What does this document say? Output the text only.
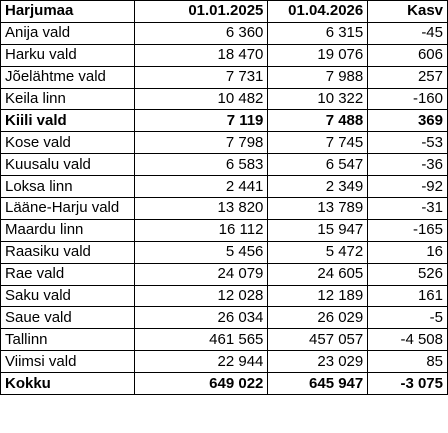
Harjumaa	01.01.2025	01.04.2026	Kasv
Anija vald	6 360	6 315	-45
Harku vald	18 470	19 076	606
Jõelähtme vald	7 731	7 988	257
Keila linn	10 482	10 322	-160
Kiili vald	7 119	7 488	369
Kose vald	7 798	7 745	-53
Kuusalu vald	6 583	6 547	-36
Loksa linn	2 441	2 349	-92
Lääne-Harju vald	13 820	13 789	-31
Maardu linn	16 112	15 947	-165
Raasiku vald	5 456	5 472	16
Rae vald	24 079	24 605	526
Saku vald	12 028	12 189	161
Saue vald	26 034	26 029	-5
Tallinn	461 565	457 057	-4 508
Viimsi vald	22 944	23 029	85
Kokku	649 022	645 947	-3 075
